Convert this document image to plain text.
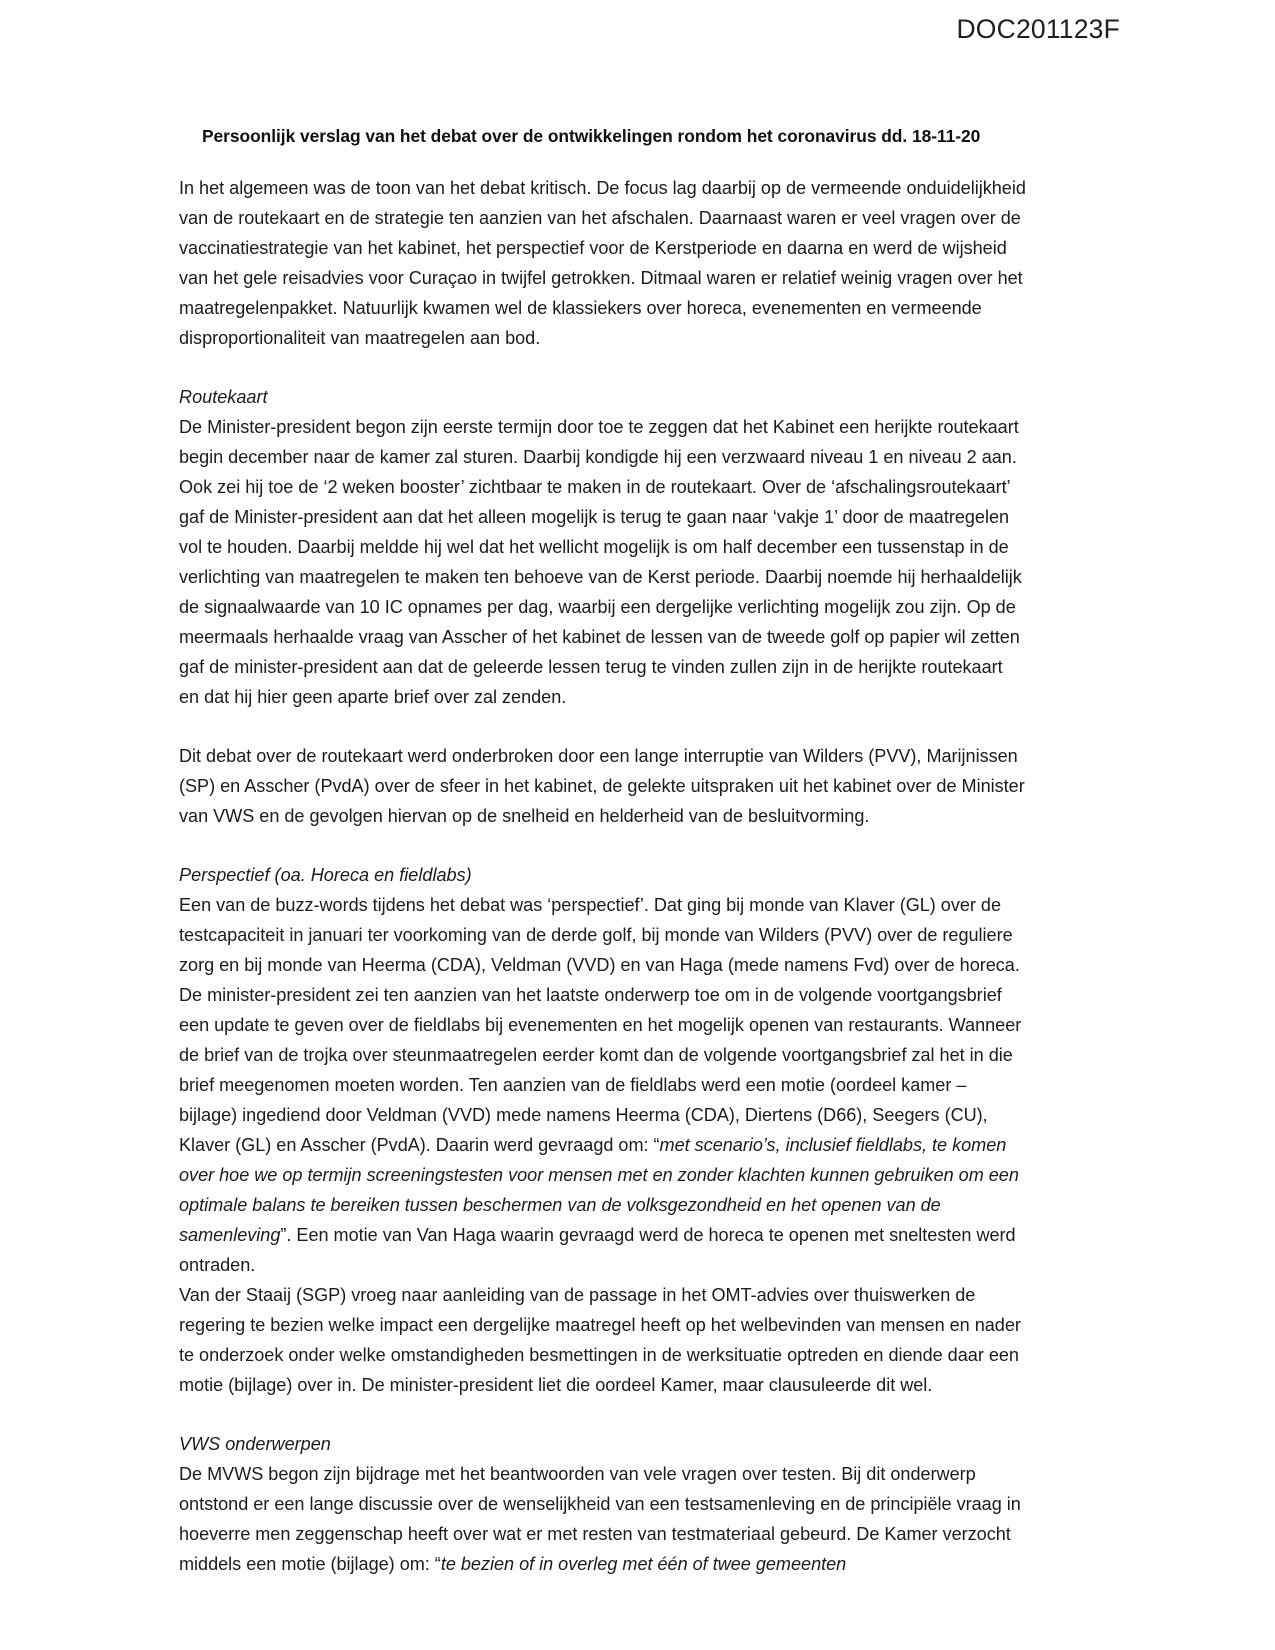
DOC201123F
Persoonlijk verslag van het debat over de ontwikkelingen rondom het coronavirus dd. 18-11-20

In het algemeen was de toon van het debat kritisch. De focus lag daarbij op de vermeende onduidelijkheid van de routekaart en de strategie ten aanzien van het afschalen. Daarnaast waren er veel vragen over de vaccinatiestrategie van het kabinet, het perspectief voor de Kerstperiode en daarna en werd de wijsheid van het gele reisadvies voor Curaçao in twijfel getrokken. Ditmaal waren er relatief weinig vragen over het maatregelenpakket. Natuurlijk kwamen wel de klassiekers over horeca, evenementen en vermeende disproportionaliteit van maatregelen aan bod.

Routekaart

De Minister-president begon zijn eerste termijn door toe te zeggen dat het Kabinet een herijkte routekaart begin december naar de kamer zal sturen. Daarbij kondigde hij een verzwaard niveau 1 en niveau 2 aan. Ook zei hij toe de ‘2 weken booster’ zichtbaar te maken in de routekaart. Over de ‘afschalingsroutekaart’ gaf de Minister-president aan dat het alleen mogelijk is terug te gaan naar ‘vakje 1’ door de maatregelen vol te houden. Daarbij meldde hij wel dat het wellicht mogelijk is om half december een tussenstap in de verlichting van maatregelen te maken ten behoeve van de Kerst periode. Daarbij noemde hij herhaaldelijk de signaalwaarde van 10 IC opnames per dag, waarbij een dergelijke verlichting mogelijk zou zijn. Op de meermaals herhaalde vraag van Asscher of het kabinet de lessen van de tweede golf op papier wil zetten gaf de minister-president aan dat de geleerde lessen terug te vinden zullen zijn in de herijkte routekaart en dat hij hier geen aparte brief over zal zenden.

Dit debat over de routekaart werd onderbroken door een lange interruptie van Wilders (PVV), Marijnissen (SP) en Asscher (PvdA) over de sfeer in het kabinet, de gelekte uitspraken uit het kabinet over de Minister van VWS en de gevolgen hiervan op de snelheid en helderheid van de besluitvorming.

Perspectief (oa. Horeca en fieldlabs)

Een van de buzz-words tijdens het debat was ‘perspectief’. Dat ging bij monde van Klaver (GL) over de testcapaciteit in januari ter voorkoming van de derde golf, bij monde van Wilders (PVV) over de reguliere zorg en bij monde van Heerma (CDA), Veldman (VVD) en van Haga (mede namens Fvd) over de horeca. De minister-president zei ten aanzien van het laatste onderwerp toe om in de volgende voortgangsbrief een update te geven over de fieldlabs bij evenementen en het mogelijk openen van restaurants. Wanneer de brief van de trojka over steunmaatregelen eerder komt dan de volgende voortgangsbrief zal het in die brief meegenomen moeten worden. Ten aanzien van de fieldlabs werd een motie (oordeel kamer – bijlage) ingediend door Veldman (VVD) mede namens Heerma (CDA), Diertens (D66), Seegers (CU), Klaver (GL) en Asscher (PvdA). Daarin werd gevraagd om: “met scenario’s, inclusief fieldlabs, te komen over hoe we op termijn screeningstesten voor mensen met en zonder klachten kunnen gebruiken om een optimale balans te bereiken tussen beschermen van de volksgezondheid en het openen van de samenleving”. Een motie van Van Haga waarin gevraagd werd de horeca te openen met sneltesten werd ontraden.

Van der Staaij (SGP) vroeg naar aanleiding van de passage in het OMT-advies over thuiswerken de regering te bezien welke impact een dergelijke maatregel heeft op het welbevinden van mensen en nader te onderzoek onder welke omstandigheden besmettingen in de werksituatie optreden en diende daar een motie (bijlage) over in. De minister-president liet die oordeel Kamer, maar clausuleerde dit wel.

VWS onderwerpen

De MVWS begon zijn bijdrage met het beantwoorden van vele vragen over testen. Bij dit onderwerp ontstond er een lange discussie over de wenselijkheid van een testsamenleving en de principiële vraag in hoeverre men zeggenschap heeft over wat er met resten van testmateriaal gebeurd. De Kamer verzocht middels een motie (bijlage) om: “te bezien of in overleg met één of twee gemeenten
